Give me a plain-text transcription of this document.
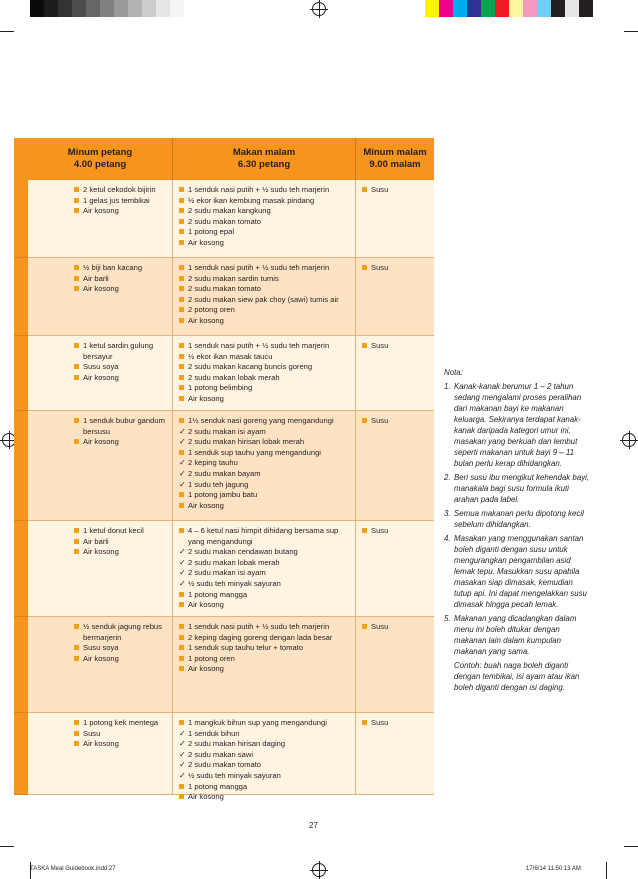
Minum petang
4.00 petang
Makan malam
6.30 petang
Minum malam
9.00 malam
2 ketul cekodok bijirin
1 gelas jus tembikai
Air kosong
1 senduk nasi putih + ½ sudu teh marjerin
½ ekor ikan kembung masak pindang
2 sudu makan kangkung
2 sudu makan tomato
1 potong epal
Air kosong
Susu
½ biji ban kacang
Air barli
Air kosong
1 senduk nasi putih + ½ sudu teh marjerin
2 sudu makan sardin tumis
2 sudu makan tomato
2 sudu makan siew pak choy (sawi) tumis air
2 potong oren
Air kosong
Susu
1 ketul sardin gulung bersayur
Susu soya
Air kosong
1 senduk nasi putih + ½ sudu teh marjerin
½ ekor ikan masak taucu
2 sudu makan kacang buncis goreng
2 sudu makan lobak merah
1 potong belimbing
Air kosong
Susu
1 senduk bubur gandum bersusu
Air kosong
1½ senduk nasi goreng yang mengandungi
✓ 2 sudu makan isi ayam
✓ 2 sudu makan hirisan lobak merah
1 senduk sup tauhu yang mengandungi
✓ 2 keping tauhu
✓ 2 sudu makan bayam
✓ 1 sudu teh jagung
1 potong jambu batu
Air kosong
Susu
1 ketul donut kecil
Air barli
Air kosong
4 – 6 ketul nasi himpit dihidang bersama sup yang mengandungi
✓ 2 sudu makan cendawan butang
✓ 2 sudu makan lobak merah
✓ 2 sudu makan isi ayam
✓ ½ sudu teh minyak sayuran
1 potong mangga
Air kosong
Susu
½ senduk jagung rebus bermarjerin
Susu soya
Air kosong
1 senduk nasi putih + ½ sudu teh marjerin
2 keping daging goreng dengan lada besar
1 senduk sup tauhu telur + tomato
1 potong oren
Air kosong
Susu
1 potong kek mentega
Susu
Air kosong
1 mangkuk bihun sup yang mengandungi
✓ 1 senduk bihun
✓ 2 sudu makan hirisan daging
✓ 2 sudu makan sawi
✓ 2 sudu makan tomato
✓ ½ sudu teh minyak sayuran
1 potong mangga
Air kosong
Susu
Nota:
1. Kanak-kanak berumur 1 – 2 tahun sedang mengalami proses peralihan dari makanan bayi ke makanan keluarga. Sekiranya terdapat kanak-kanak daripada kategori umur ini, masakan yang berkuah dan lembut seperti makanan untuk bayi 9 – 11 bulan perlu kerap dihidangkan.
2. Beri susu ibu mengikut kehendak bayi, manakala bagi susu formula ikuti arahan pada label.
3. Semua makanan perlu dipotong kecil sebelum dihidangkan.
4. Masakan yang menggunakan santan boleh diganti dengan susu untuk mengurangkan pengambilan asid lemak tepu. Masukkan susu apabila masakan siap dimasak, kemudian tutup api. Ini dapat mengelakkan susu dimasak hingga pecah lemak.
5. Makanan yang dicadangkan dalam menu ini boleh ditukar dengan makanan lain dalam kumpulan makanan yang sama.
Contoh: buah naga boleh diganti dengan tembikai, isi ayam atau ikan boleh diganti dengan isi daging.
27
TASKA Meal Guidebook.indd 27	17/6/14 11:50:13 AM
